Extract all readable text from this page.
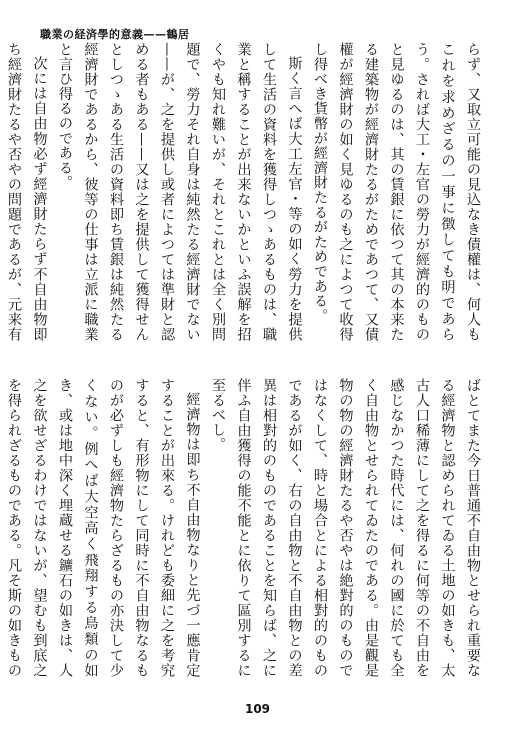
職業の経済學的意義——鶴居

らず、又取立可能の見込なき債權は、何人もこれを求めざるの一事に徴しても明であらう。されば大工・左官の勞力が經濟的のものと見ゆるのは、其の賃銀に依つて其の本来たる建築物が經濟財たるがためであつて、又債權が經濟財の如く見ゆるのも之によつて收得し得べき貨幣が經濟財たるがためである。

斯く言へば大工左官・等の如く勞力を提供して生活の資料を獲得しつゝあるものは、職業と稱することが出来ないかといふ誤解を招くやも知れ難いが、それとこれとは全く別問題で、勞力それ自身は純然たる經濟財でない——が、之を提供し或者によつては準財と認める者もある——又は之を提供して獲得せんとしつゝある生活の資料即ち賃銀は純然たる經濟財であるから、彼等の仕事は立派に職業と言ひ得るのである。

次には自由物必ず經濟財たらず不自由物即ち經濟財たるや否やの問題であるが、元来有

ばとてまた今日普通不自由物とせられ重要なる經濟物と認められてゐる土地の如きも、太古人口稀薄にして之を得るに何等の不自由を感じなかつた時代には、何れの國に於ても全く自由物とせられてゐたのである。由是觀是物の物の經濟財たるや否やは絶對的のものではなくして、時と場合とによる相對的のものであるが如く、右の自由物と不自由物との差異は相對的のものであることを知らば、之に伴ふ自由獲得の能不能とに依りて區別するに至るべし。

經濟物は即ち不自由物なりと先づ一應肯定することが出來る。けれども委細に之を考究すると、有形物にして同時に不自由物なるものが必ずしも經濟物たらざるもの亦決して少くない。例へば大空高く飛翔する鳥類の如き、或は地中深く埋蔵せる鑛石の如きは、人之を欲せざるわけではないが、望むも到底之を得られざるものである。凡そ斯の如きもの

109
